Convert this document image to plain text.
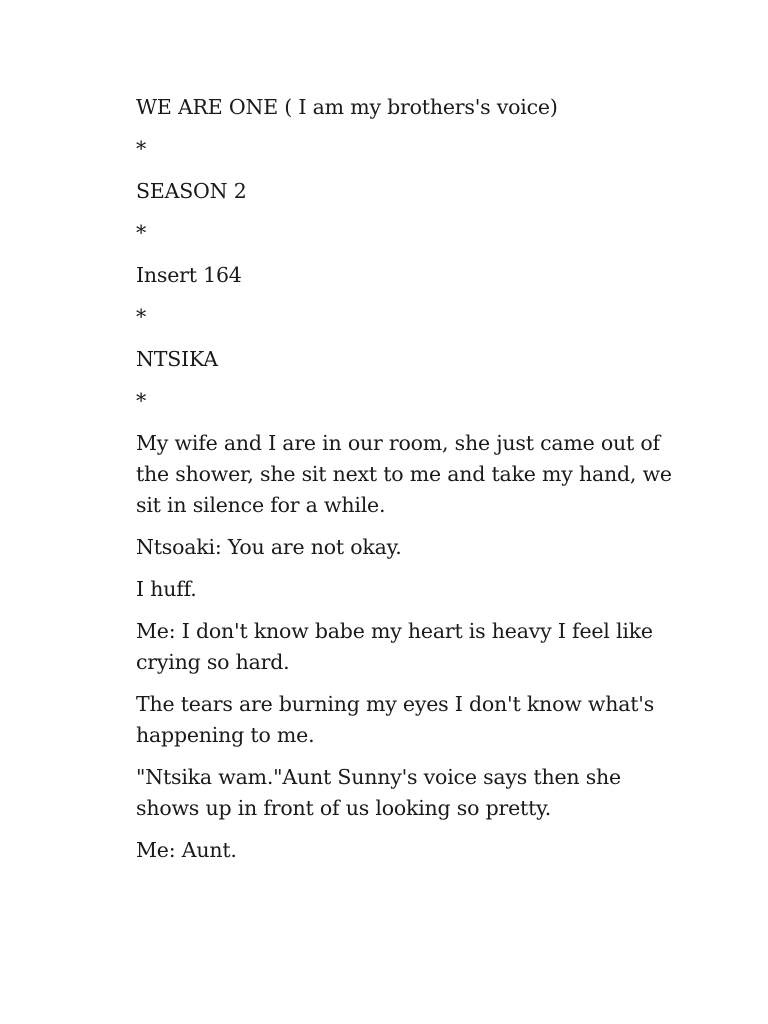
WE ARE ONE ( I am my brothers's voice)

*

SEASON 2

*

Insert 164

*

NTSIKA

*

My wife and I are in our room, she just came out of the shower, she sit next to me and take my hand, we sit in silence for a while.

Ntsoaki: You are not okay.

I huff.

Me: I don't know babe my heart is heavy I feel like crying so hard.

The tears are burning my eyes I don't know what's happening to me.

"Ntsika wam."Aunt Sunny's voice says then she shows up in front of us looking so pretty.

Me: Aunt.
